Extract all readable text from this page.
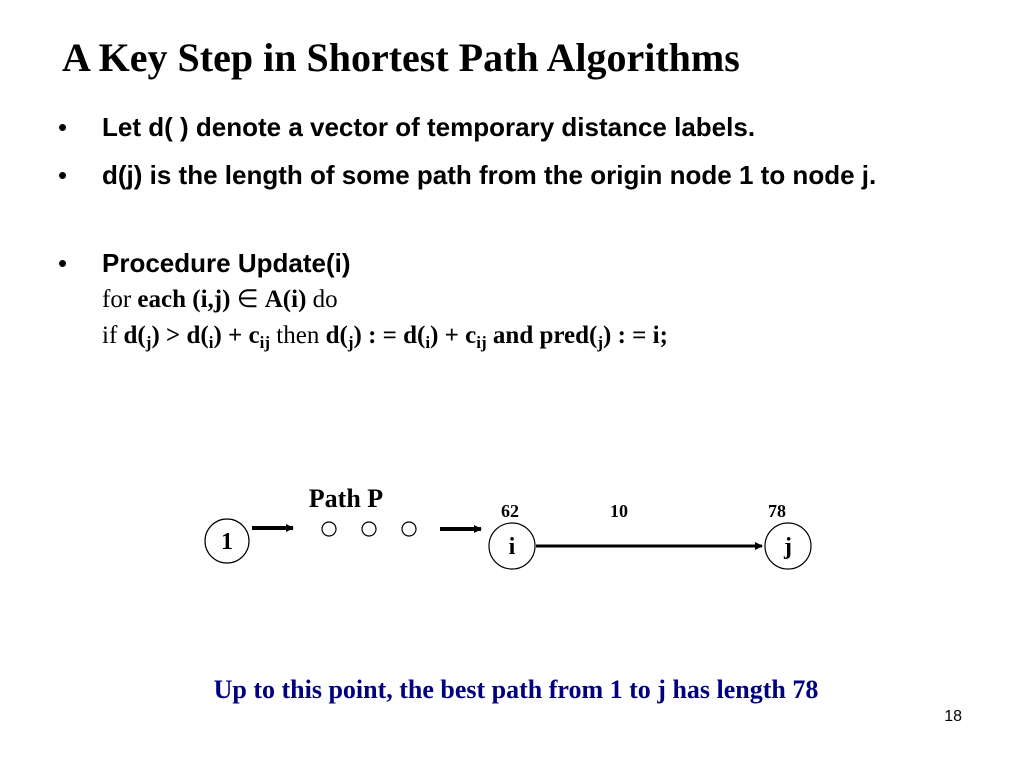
A Key Step in Shortest Path Algorithms
• Let d( ) denote a vector of temporary distance labels.
• d(j) is the length of some path from the origin node 1 to node j.
• Procedure Update(i)
for each (i,j) ∈ A(i) do
if $d(_j) > d(_i) + c_{ij}$ then $d(_j)$ : = $d(_i) + c_{ij}$ and $pred(_j)$ : = i;
1
Path P	62
i
10	78
j
Up to this point, the best path from 1 to j has length 78
18
